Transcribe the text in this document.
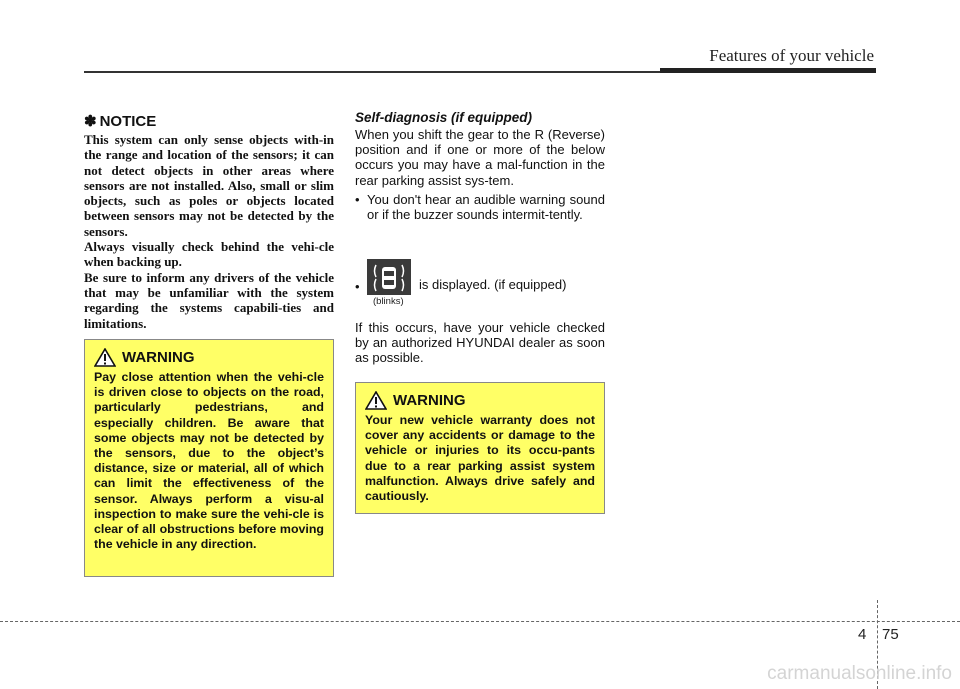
Features of your vehicle
✽ NOTICE

This system can only sense objects with-in the range and location of the sensors; it can not detect objects in other areas where sensors are not installed. Also, small or slim objects, such as poles or objects located between sensors may not be detected by the sensors.

Always visually check behind the vehi-cle when backing up.

Be sure to inform any drivers of the vehicle that may be unfamiliar with the system regarding the systems capabili-ties and limitations.

WARNING

Pay close attention when the vehi-cle is driven close to objects on the road, particularly pedestrians, and especially children. Be aware that some objects may not be detected by the sensors, due to the object’s distance, size or material, all of which can limit the effectiveness of the sensor. Always perform a visu-al inspection to make sure the vehi-cle is clear of all obstructions before moving the vehicle in any direction.

Self-diagnosis (if equipped)

When you shift the gear to the R (Reverse) position and if one or more of the below occurs you may have a mal-function in the rear parking assist sys-tem.

• You don't hear an audible warning sound or if the buzzer sounds intermit-tently.
•
(blinks)
is displayed. (if equipped)

If this occurs, have your vehicle checked by an authorized HYUNDAI dealer as soon as possible.

WARNING

Your new vehicle warranty does not cover any accidents or damage to the vehicle or injuries to its occu-pants due to a rear parking assist system malfunction. Always drive safely and cautiously.

4 75
carmanualsonline.info
